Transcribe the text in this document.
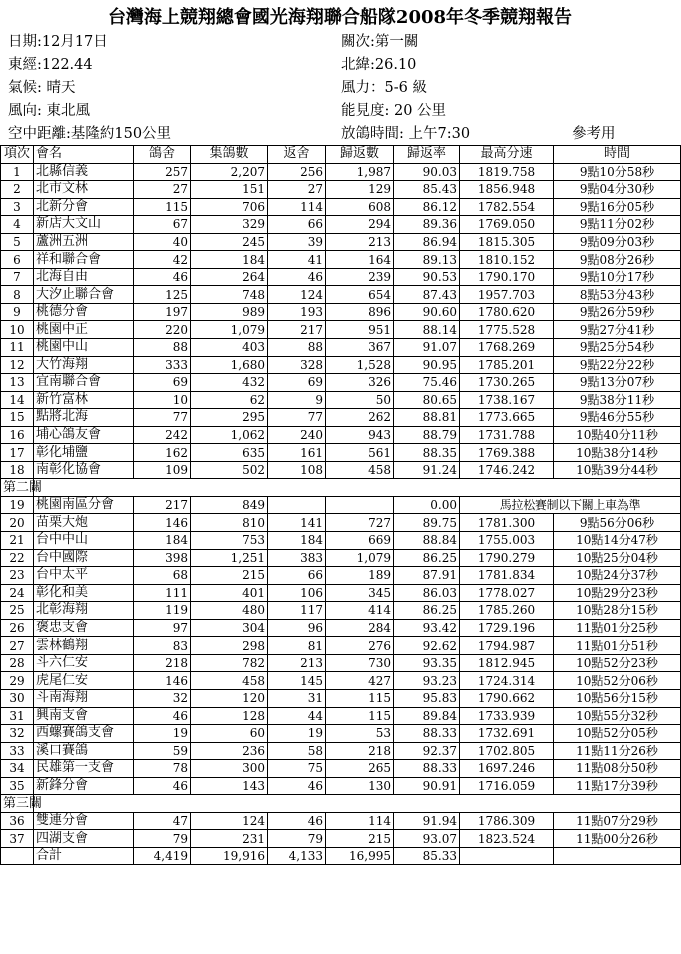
台灣海上競翔總會國光海翔聯合船隊2008年冬季競翔報告
日期:12月17日	關次:第一關
東經:122.44	北緯:26.10
氣候: 晴天	風力：5-6 級
風向: 東北風	能見度: 20 公里
空中距離:基隆約150公里	放鴿時間: 上午7:30	參考用
項次	會名	鴿舍	集鴿數	返舍	歸返數	歸返率	最高分速	時間
1	北縣信義	257	2,207	256	1,987	90.03	1819.758	9點10分58秒
2	北市文林	27	151	27	129	85.43	1856.948	9點04分30秒
3	北新分會	115	706	114	608	86.12	1782.554	9點16分05秒
4	新店大文山	67	329	66	294	89.36	1769.050	9點11分02秒
5	蘆洲五洲	40	245	39	213	86.94	1815.305	9點09分03秒
6	祥和聯合會	42	184	41	164	89.13	1810.152	9點08分26秒
7	北海自由	46	264	46	239	90.53	1790.170	9點10分17秒
8	大汐止聯合會	125	748	124	654	87.43	1957.703	8點53分43秒
9	桃德分會	197	989	193	896	90.60	1780.620	9點26分59秒
10	桃園中正	220	1,079	217	951	88.14	1775.528	9點27分41秒
11	桃園中山	88	403	88	367	91.07	1768.269	9點25分54秒
12	大竹海翔	333	1,680	328	1,528	90.95	1785.201	9點22分22秒
13	宜南聯合會	69	432	69	326	75.46	1730.265	9點13分07秒
14	新竹富林	10	62	9	50	80.65	1738.167	9點38分11秒
15	點將北海	77	295	77	262	88.81	1773.665	9點46分55秒
16	埔心鴿友會	242	1,062	240	943	88.79	1731.788	10點40分11秒
17	彰化埔鹽	162	635	161	561	88.35	1769.388	10點38分14秒
18	南彰化協會	109	502	108	458	91.24	1746.242	10點39分44秒
第二關								
19	桃園南區分會	217	849			0.00	馬拉松賽制以下關上車為準	
20	苗栗大炮	146	810	141	727	89.75	1781.300	9點56分06秒
21	台中中山	184	753	184	669	88.84	1755.003	10點14分47秒
22	台中國際	398	1,251	383	1,079	86.25	1790.279	10點25分04秒
23	台中太平	68	215	66	189	87.91	1781.834	10點24分37秒
24	彰化和美	111	401	106	345	86.03	1778.027	10點29分23秒
25	北彰海翔	119	480	117	414	86.25	1785.260	10點28分15秒
26	褒忠支會	97	304	96	284	93.42	1729.196	11點01分25秒
27	雲林鶴翔	83	298	81	276	92.62	1794.987	11點01分51秒
28	斗六仁安	218	782	213	730	93.35	1812.945	10點52分23秒
29	虎尾仁安	146	458	145	427	93.23	1724.314	10點52分06秒
30	斗南海翔	32	120	31	115	95.83	1790.662	10點56分15秒
31	興南支會	46	128	44	115	89.84	1733.939	10點55分32秒
32	西螺賽鴿支會	19	60	19	53	88.33	1732.691	10點52分05秒
33	溪口賽鴿	59	236	58	218	92.37	1702.805	11點11分26秒
34	民雄第一支會	78	300	75	265	88.33	1697.246	11點08分50秒
35	新鋒分會	46	143	46	130	90.91	1716.059	11點17分39秒
第三關								
36	雙連分會	47	124	46	114	91.94	1786.309	11點07分29秒
37	四湖支會	79	231	79	215	93.07	1823.524	11點00分26秒
	合計	4,419	19,916	4,133	16,995	85.33		
